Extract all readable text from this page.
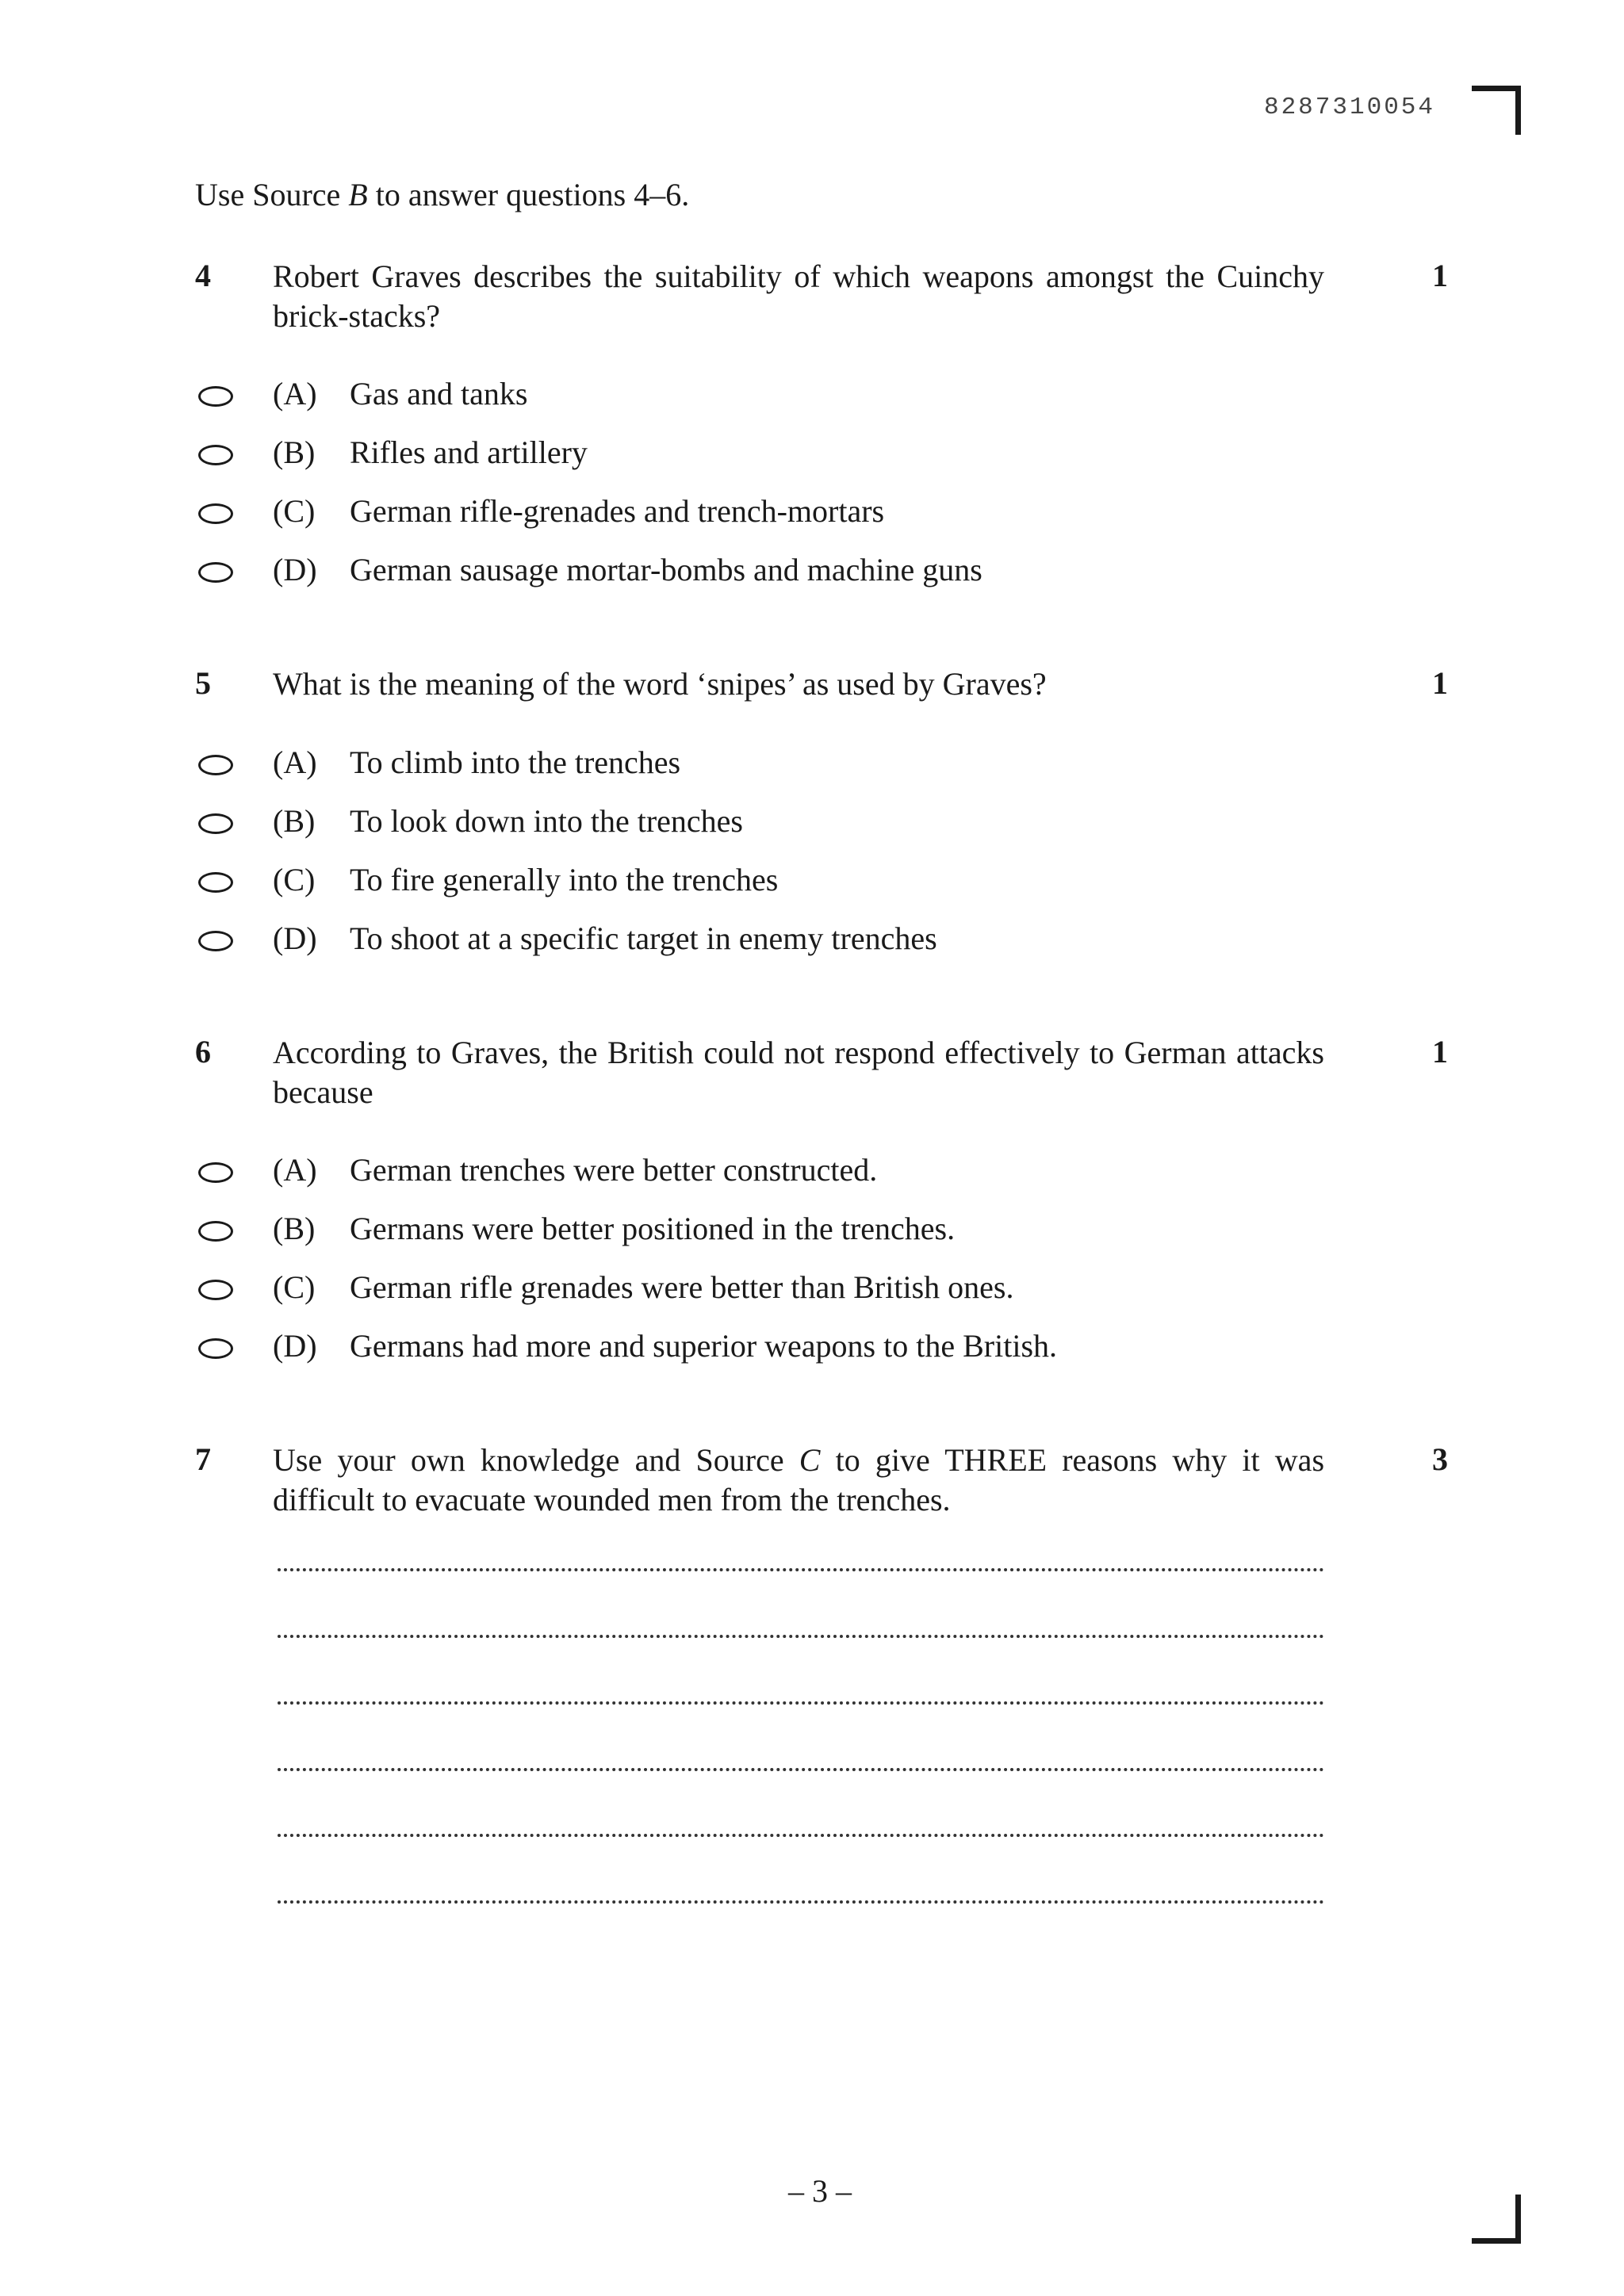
8287310054
Use Source B to answer questions 4–6.
4 Robert Graves describes the suitability of which weapons amongst the Cuinchy brick-stacks?
1
(A) Gas and tanks
(B) Rifles and artillery
(C) German rifle-grenades and trench-mortars
(D) German sausage mortar-bombs and machine guns
5 What is the meaning of the word ‘snipes’ as used by Graves?	1
(A) To climb into the trenches
(B) To look down into the trenches
(C) To fire generally into the trenches
(D) To shoot at a specific target in enemy trenches
6 According to Graves, the British could not respond effectively to German attacks because
1
(A) German trenches were better constructed.
(B) Germans were better positioned in the trenches.
(C) German rifle grenades were better than British ones.
(D) Germans had more and superior weapons to the British.
7 Use your own knowledge and Source C to give THREE reasons why it was difficult to evacuate wounded men from the trenches.
3
– 3 –
